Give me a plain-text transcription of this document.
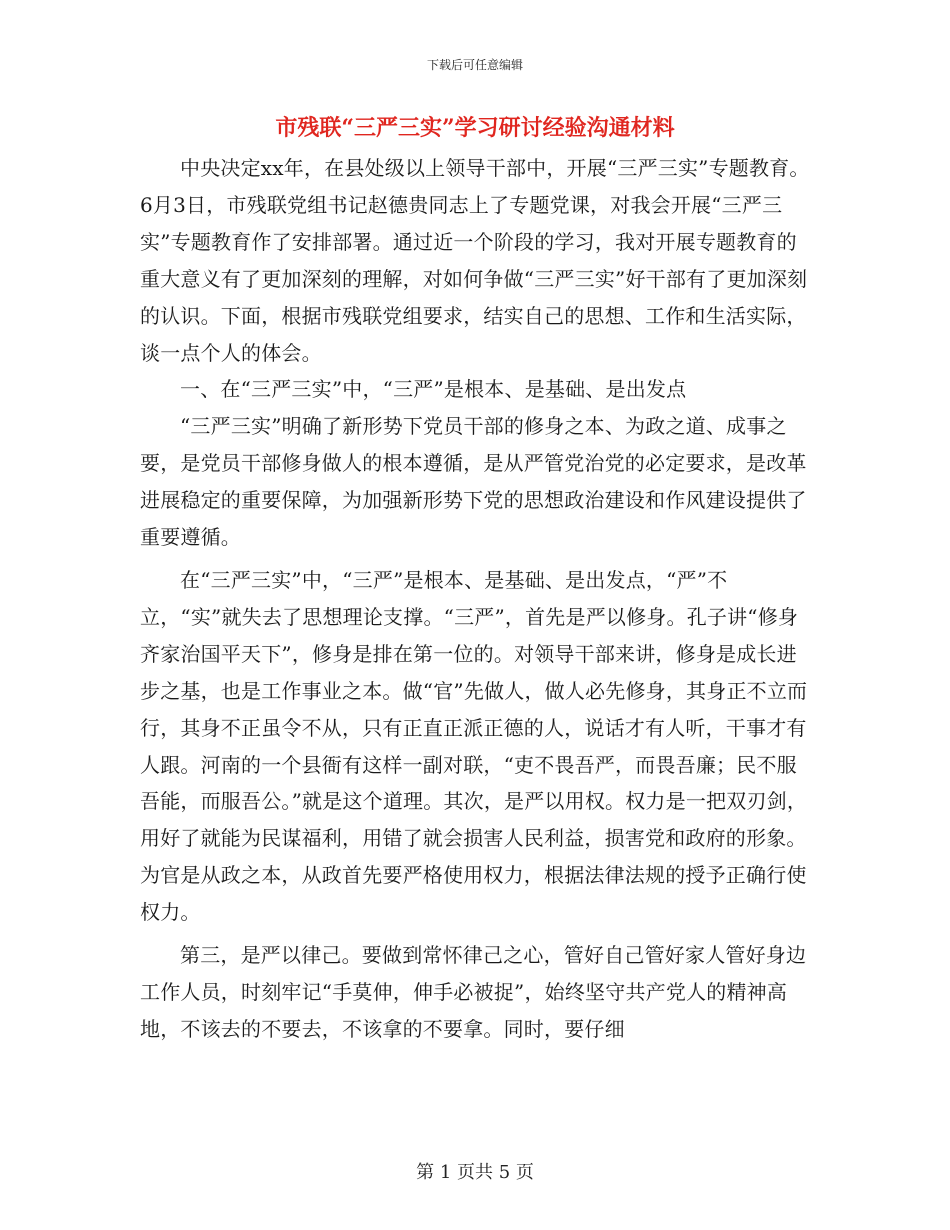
下载后可任意编辑

市残联“三严三实”学习研讨经验沟通材料

中央决定xx年，在县处级以上领导干部中，开展“三严三实”专题教育。6月3日，市残联党组书记赵德贵同志上了专题党课，对我会开展“三严三实”专题教育作了安排部署。通过近一个阶段的学习，我对开展专题教育的重大意义有了更加深刻的理解，对如何争做“三严三实”好干部有了更加深刻的认识。下面，根据市残联党组要求，结实自己的思想、工作和生活实际，谈一点个人的体会。

一、在“三严三实”中，“三严”是根本、是基础、是出发点

“三严三实”明确了新形势下党员干部的修身之本、为政之道、成事之要，是党员干部修身做人的根本遵循，是从严管党治党的必定要求，是改革进展稳定的重要保障，为加强新形势下党的思想政治建设和作风建设提供了重要遵循。

在“三严三实”中，“三严”是根本、是基础、是出发点，“严”不立，“实”就失去了思想理论支撑。“三严”，首先是严以修身。孔子讲“修身齐家治国平天下”，修身是排在第一位的。对领导干部来讲，修身是成长进步之基，也是工作事业之本。做“官”先做人，做人必先修身，其身正不立而行，其身不正虽令不从，只有正直正派正德的人，说话才有人听，干事才有人跟。河南的一个县衙有这样一副对联，“吏不畏吾严，而畏吾廉；民不服吾能，而服吾公。”就是这个道理。其次，是严以用权。权力是一把双刃剑，用好了就能为民谋福利，用错了就会损害人民利益，损害党和政府的形象。为官是从政之本，从政首先要严格使用权力，根据法律法规的授予正确行使权力。

第三，是严以律己。要做到常怀律己之心，管好自己管好家人管好身边工作人员，时刻牢记“手莫伸，伸手必被捉”，始终坚守共产党人的精神高地，不该去的不要去，不该拿的不要拿。同时，要仔细

第 1 页共 5 页
